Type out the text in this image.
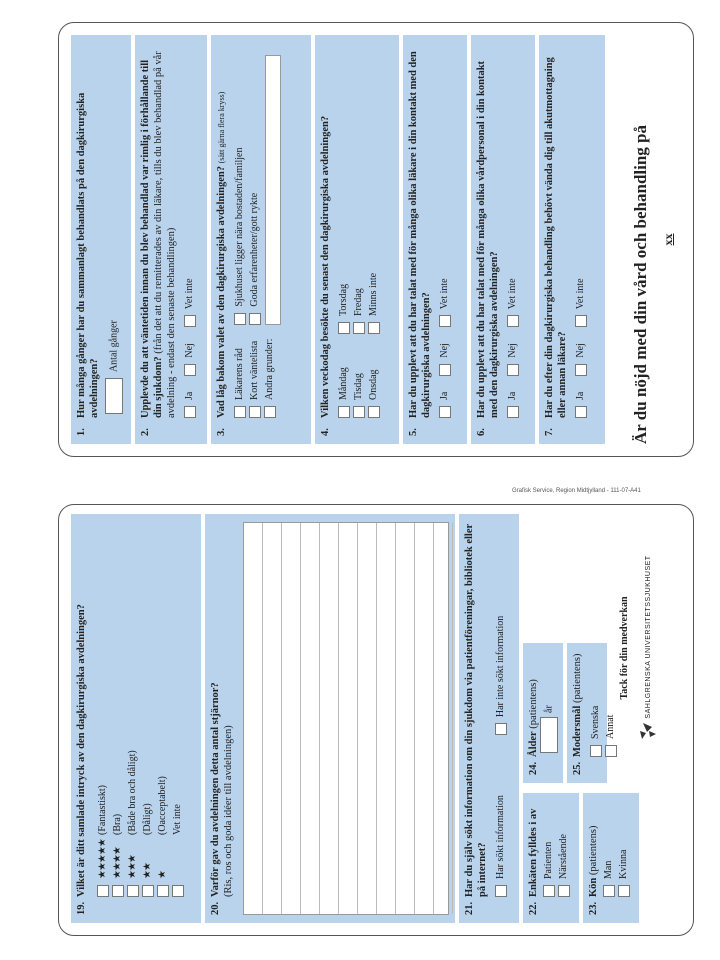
1.
Hur många gånger har du sammanlagt behandlats på den dagkirurgiska avdelningen?
Antal gånger
2.
Upplevde du att väntetiden innan du blev behandlad var rimlig i förhållande till din sjukdom? (från det att du remitterades av din läkare, tills du blev behandlad på vår avdelning - endast den senaste behandlingen) Ja
Nej
Vet inte
3.
Vad låg bakom valet av den dagkirurgiska avdelningen? (sätt gärna flera kryss)
Läkarens råd Kort väntelista Andra grunder:
Sjukhuset ligger nära bostaden/familjen Goda erfarenheter/gott rykte
4.
Vilken veckodag besökte du senast den dagkirurgiska avdelningen? Måndag Tisdag Onsdag
Torsdag Fredag Minns inte
5.
Har du upplevt att du har talat med för många olika läkare i din kontakt med den dagkirurgiska avdelningen? Ja
Nej
Vet inte
6.
Har du upplevt att du har talat med för många olika vårdpersonal i din kontakt med den dagkirurgiska avdelningen? Ja
Nej
Vet inte
7.
Har du efter din dagkirurgiska behandling behövt vända dig till akutmottagning eller annan läkare? Ja
Nej
Vet inte	Är du nöjd med din vård och behandling på xx
Grafisk Service, Region Midtjylland - 111-07-A41
19.
Vilket är ditt samlade intryck av den dagkirurgiska avdelningen? ★★★★★
(Fantastiskt)
★★★★
(Bra)
★★★
(Både bra och dåligt)
★★
(Dåligt)
★
(Oacceptabelt) Vet inte
20.
Varför gav du avdelningen detta antal stjärnor? (Ris, ros och goda idéer till avdelningen)
21.
Har du själv sökt information om din sjukdom via patientföreningar, bibliotek eller på internet? Har sökt information
Har inte sökt information
22.
Enkäten fylldes i av Patienten Närstående
23.
Kön (patientens) Man Kvinna
24.
Ålder (patientens) år
25.
Modersmål (patientens)
Svenska Annat
Tack för din medverkan SAHLGRENSKA UNIVERSITETSSJUKHUSET
